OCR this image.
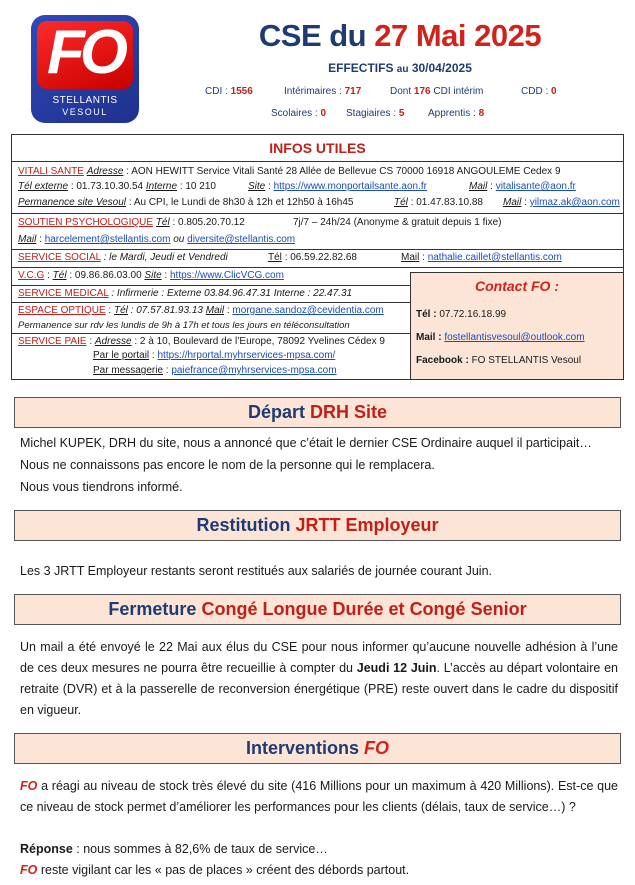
FO
STELLANTIS
VESOUL
CSE du 27 Mai 2025
EFFECTIFS au 30/04/2025
CDI : 1556	Intérimaires : 717	Dont 176 CDI intérim	CDD : 0
Scolaires : 0 Stagiaires : 5 Apprentis : 8
INFOS UTILES
VITALI SANTE Adresse : AON HEWITT Service Vitali Santé 28 Allée de Bellevue CS 70000 16918 ANGOULEME Cedex 9
Tél externe : 01.73.10.30.54 Interne : 10 210	Site : https://www.monportailsante.aon.fr	Mail : vitalisante@aon.fr
Permanence site Vesoul : Au CPI, le Lundi de 8h30 à 12h et 12h50 à 16h45	Tél : 01.47.83.10.88 Mail : yilmaz.ak@aon.com
SOUTIEN PSYCHOLOGIQUE Tél : 0.805.20.70.12	7j/7 – 24h/24 (Anonyme & gratuit depuis 1 fixe)
Mail : harcelement@stellantis.com ou diversite@stellantis.com
SERVICE SOCIAL : le Mardi, Jeudi et Vendredi	Tél : 06.59.22.82.68	Mail : nathalie.caillet@stellantis.com
V.C.G : Tél : 09.86.86.03.00 Site : https://www.ClicVCG.com
SERVICE MEDICAL : Infirmerie : Externe 03.84.96.47.31 Interne : 22.47.31
ESPACE OPTIQUE : Tél : 07.57.81.93.13 Mail : morgane.sandoz@cevidentia.com
Permanence sur rdv les lundis de 9h à 17h et tous les jours en téléconsultation
SERVICE PAIE : Adresse : 2 à 10, Boulevard de l’Europe, 78092 Yvelines Cédex 9
Par le portail : https://hrportal.myhrservices-mpsa.com/
Par messagerie : paiefrance@myhrservices-mpsa.com
Contact FO :
Tél : 07.72.16.18.99
Mail : fostellantisvesoul@outlook.com
Facebook : FO STELLANTIS Vesoul
Départ DRH Site
Michel KUPEK, DRH du site, nous a annoncé que c’était le dernier CSE Ordinaire auquel il participait…
Nous ne connaissons pas encore le nom de la personne qui le remplacera.
Nous vous tiendrons informé.
Restitution JRTT Employeur
Les 3 JRTT Employeur restants seront restitués aux salariés de journée courant Juin.
Fermeture Congé Longue Durée et Congé Senior
Un mail a été envoyé le 22 Mai aux élus du CSE pour nous informer qu’aucune nouvelle adhésion à l’une de ces deux mesures ne pourra être recueillie à compter du Jeudi 12 Juin. L’accès au départ volontaire en retraite (DVR) et à la passerelle de reconversion énergétique (PRE) reste ouvert dans le cadre du dispositif en vigueur.
Interventions FO
FO a réagi au niveau de stock très élevé du site (416 Millions pour un maximum à 420 Millions). Est-ce que ce niveau de stock permet d’améliorer les performances pour les clients (délais, taux de service…) ?
Réponse : nous sommes à 82,6% de taux de service…
FO reste vigilant car les « pas de places » créent des débords partout.
